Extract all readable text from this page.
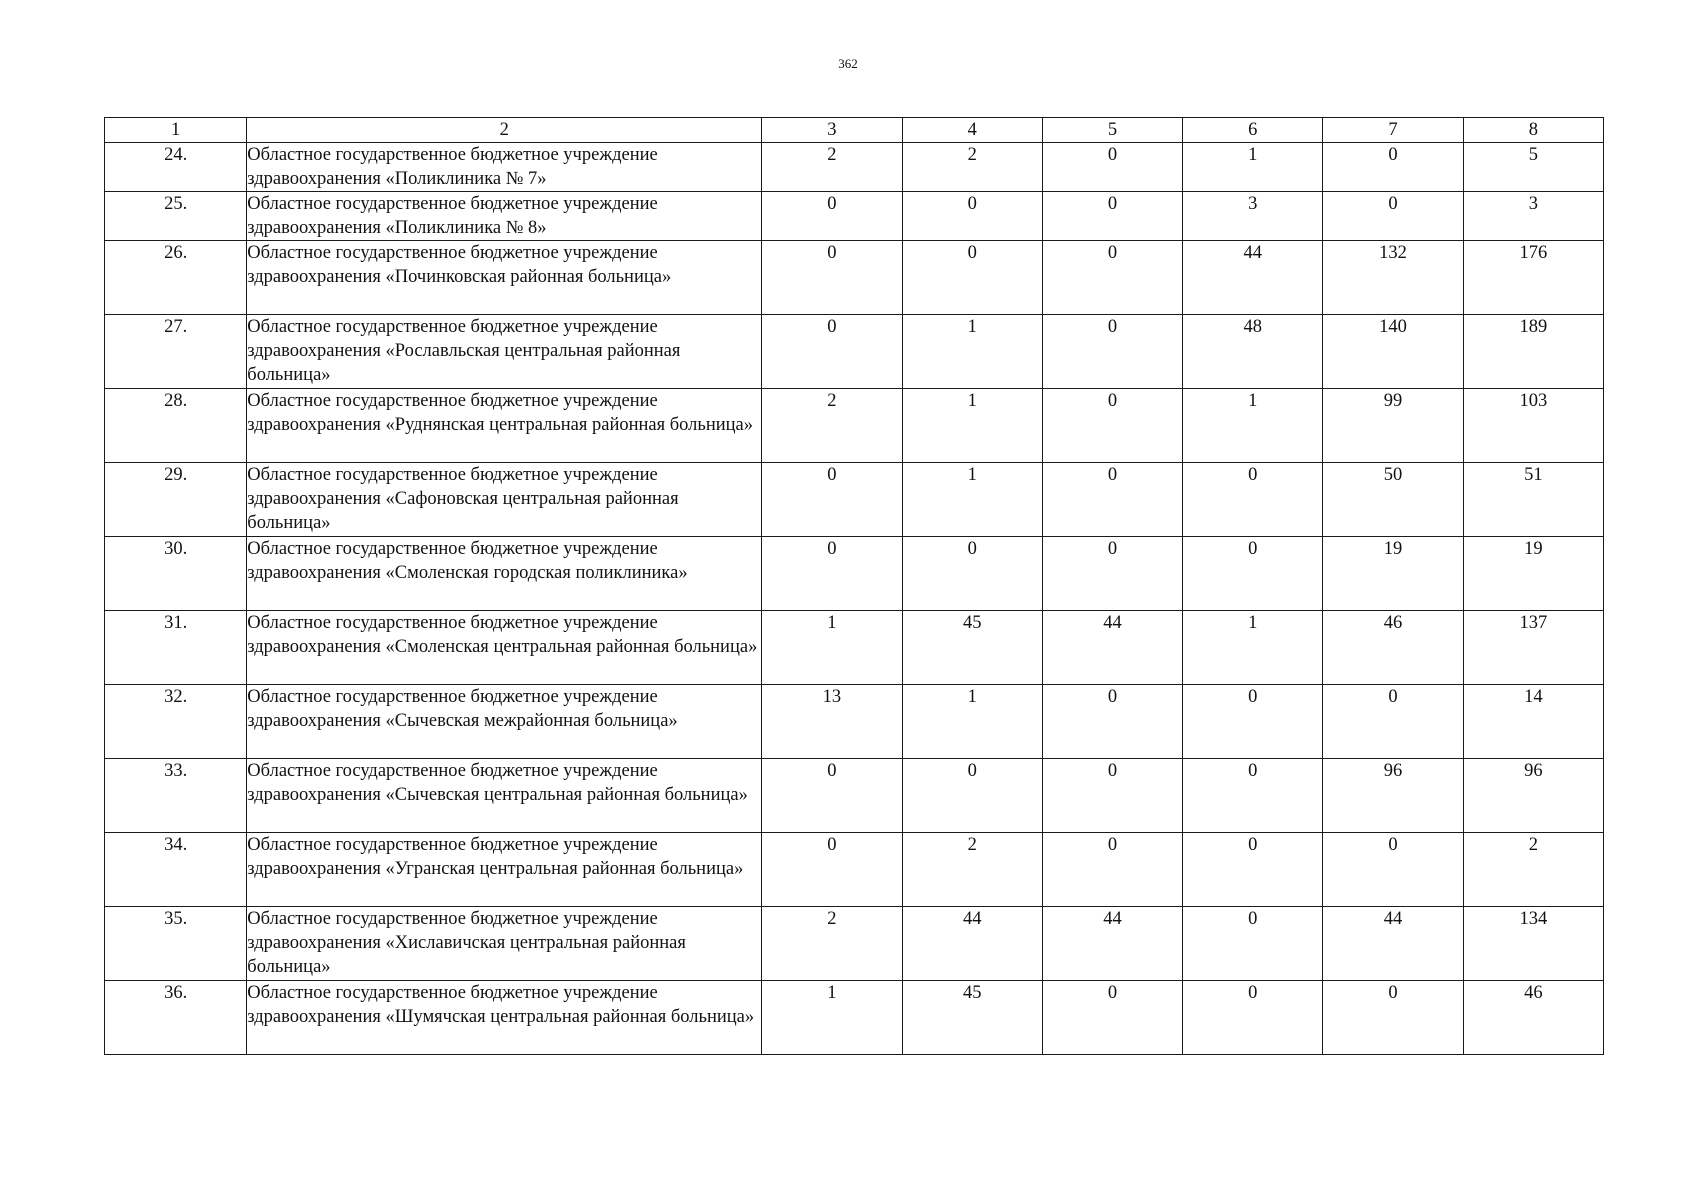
362
1	2	3	4	5	6	7	8
24.	Областное государственное бюджетное учреждение здравоохранения «Поликлиника № 7»	2	2	0	1	0	5
25.	Областное государственное бюджетное учреждение здравоохранения «Поликлиника № 8»	0	0	0	3	0	3
26.	Областное государственное бюджетное учреждение здравоохранения «Починковская районная больница»	0	0	0	44	132	176
27.	Областное государственное бюджетное учреждение здравоохранения «Рославльская центральная районная больница»	0	1	0	48	140	189
28.	Областное государственное бюджетное учреждение здравоохранения «Руднянская центральная районная больница»	2	1	0	1	99	103
29.	Областное государственное бюджетное учреждение здравоохранения «Сафоновская центральная районная больница»	0	1	0	0	50	51
30.	Областное государственное бюджетное учреждение здравоохранения «Смоленская городская поликлиника»	0	0	0	0	19	19
31.	Областное государственное бюджетное учреждение здравоохранения «Смоленская центральная районная больница»	1	45	44	1	46	137
32.	Областное государственное бюджетное учреждение здравоохранения «Сычевская межрайонная больница»	13	1	0	0	0	14
33.	Областное государственное бюджетное учреждение здравоохранения «Сычевская центральная районная больница»	0	0	0	0	96	96
34.	Областное государственное бюджетное учреждение здравоохранения «Угранская центральная районная больница»	0	2	0	0	0	2
35.	Областное государственное бюджетное учреждение здравоохранения «Хиславичская центральная районная больница»	2	44	44	0	44	134
36.	Областное государственное бюджетное учреждение здравоохранения «Шумячская центральная районная больница»	1	45	0	0	0	46
